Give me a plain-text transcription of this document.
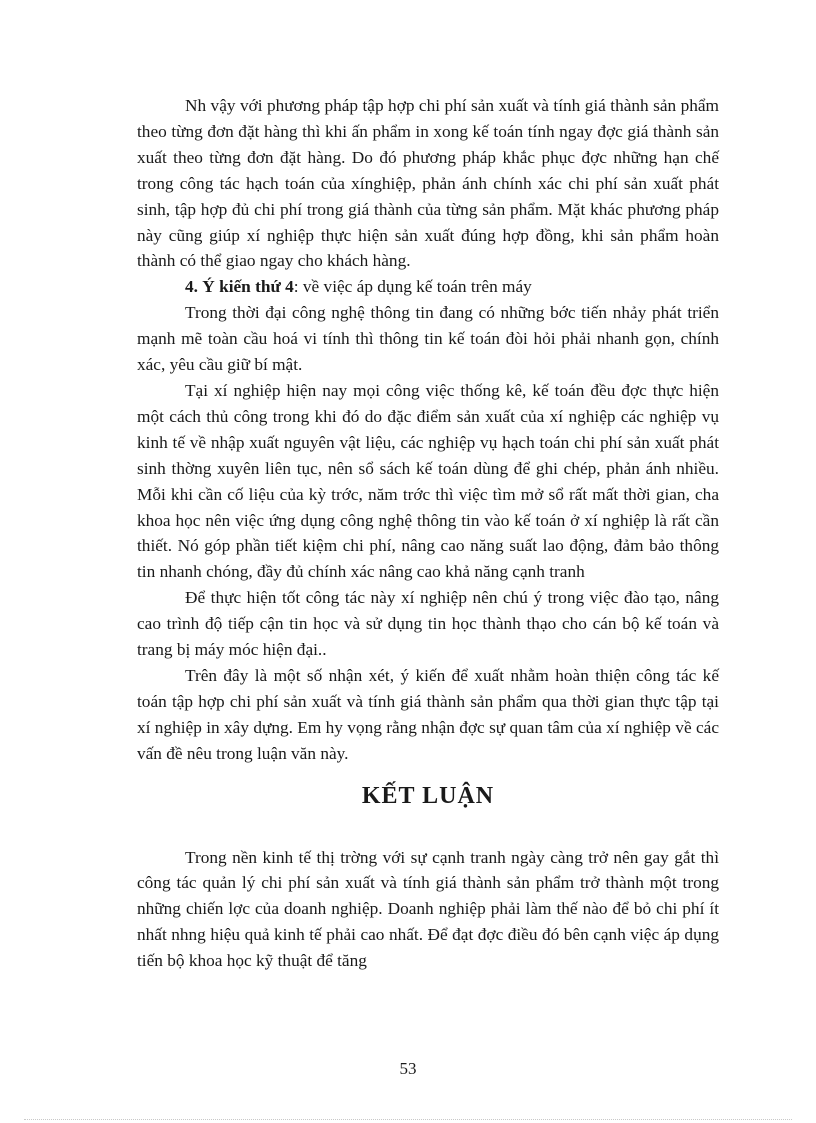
Nh vậy với phương pháp tập hợp chi phí sản xuất và tính giá thành sản phẩm theo từng đơn đặt hàng thì khi ấn phẩm in xong kế toán tính ngay đợc giá thành sản xuất theo từng đơn đặt hàng. Do đó phương pháp khắc phục đợc những hạn chế trong công tác hạch toán của xínghiệp, phản ánh chính xác chi phí sản xuất phát sinh, tập hợp đủ chi phí trong giá thành của từng sản phẩm. Mặt khác phương pháp này cũng giúp xí nghiệp thực hiện sản xuất đúng hợp đồng, khi sản phẩm hoàn thành có thể giao ngay cho khách hàng.

4. Ý kiến thứ 4: về việc áp dụng kế toán trên máy

Trong thời đại công nghệ thông tin đang có những bớc tiến nhảy phát triển mạnh mẽ toàn cầu hoá vi tính thì thông tin kế toán đòi hỏi phải nhanh gọn, chính xác, yêu cầu giữ bí mật.

Tại xí nghiệp hiện nay mọi công việc thống kê, kế toán đều đợc thực hiện một cách thủ công trong khi đó do đặc điểm sản xuất của xí nghiệp các nghiệp vụ kinh tế về nhập xuất nguyên vật liệu, các nghiệp vụ hạch toán chi phí sản xuất phát sinh thờng xuyên liên tục, nên sổ sách kế toán dùng để ghi chép, phản ánh nhiều. Mỗi khi cần cố liệu của kỳ trớc, năm trớc thì việc tìm mở sổ rất mất thời gian, cha khoa học nên việc ứng dụng công nghệ thông tin vào kế toán ở xí nghiệp là rất cần thiết. Nó góp phần tiết kiệm chi phí, nâng cao năng suất lao động, đảm bảo thông tin nhanh chóng, đầy đủ chính xác nâng cao khả năng cạnh tranh

Để thực hiện tốt công tác này xí nghiệp nên chú ý trong việc đào tạo, nâng cao trình độ tiếp cận tin học và sử dụng tin học thành thạo cho cán bộ kế toán và trang bị máy móc hiện đại..

Trên đây là một số nhận xét, ý kiến để xuất nhằm hoàn thiện công tác kế toán tập hợp chi phí sản xuất và tính giá thành sản phẩm qua thời gian thực tập tại xí nghiệp in xây dựng. Em hy vọng rằng nhận đợc sự quan tâm của xí nghiệp về các vấn đề nêu trong luận văn này.

KẾT LUẬN

Trong nền kinh tế thị trờng với sự cạnh tranh ngày càng trở nên gay gắt thì công tác quản lý chi phí sản xuất và tính giá thành sản phẩm trở thành một trong những chiến lợc của doanh nghiệp. Doanh nghiệp phải làm thế nào để bỏ chi phí ít nhất nhng hiệu quả kinh tế phải cao nhất. Để đạt đợc điều đó bên cạnh việc áp dụng tiến bộ khoa học kỹ thuật để tăng

53
